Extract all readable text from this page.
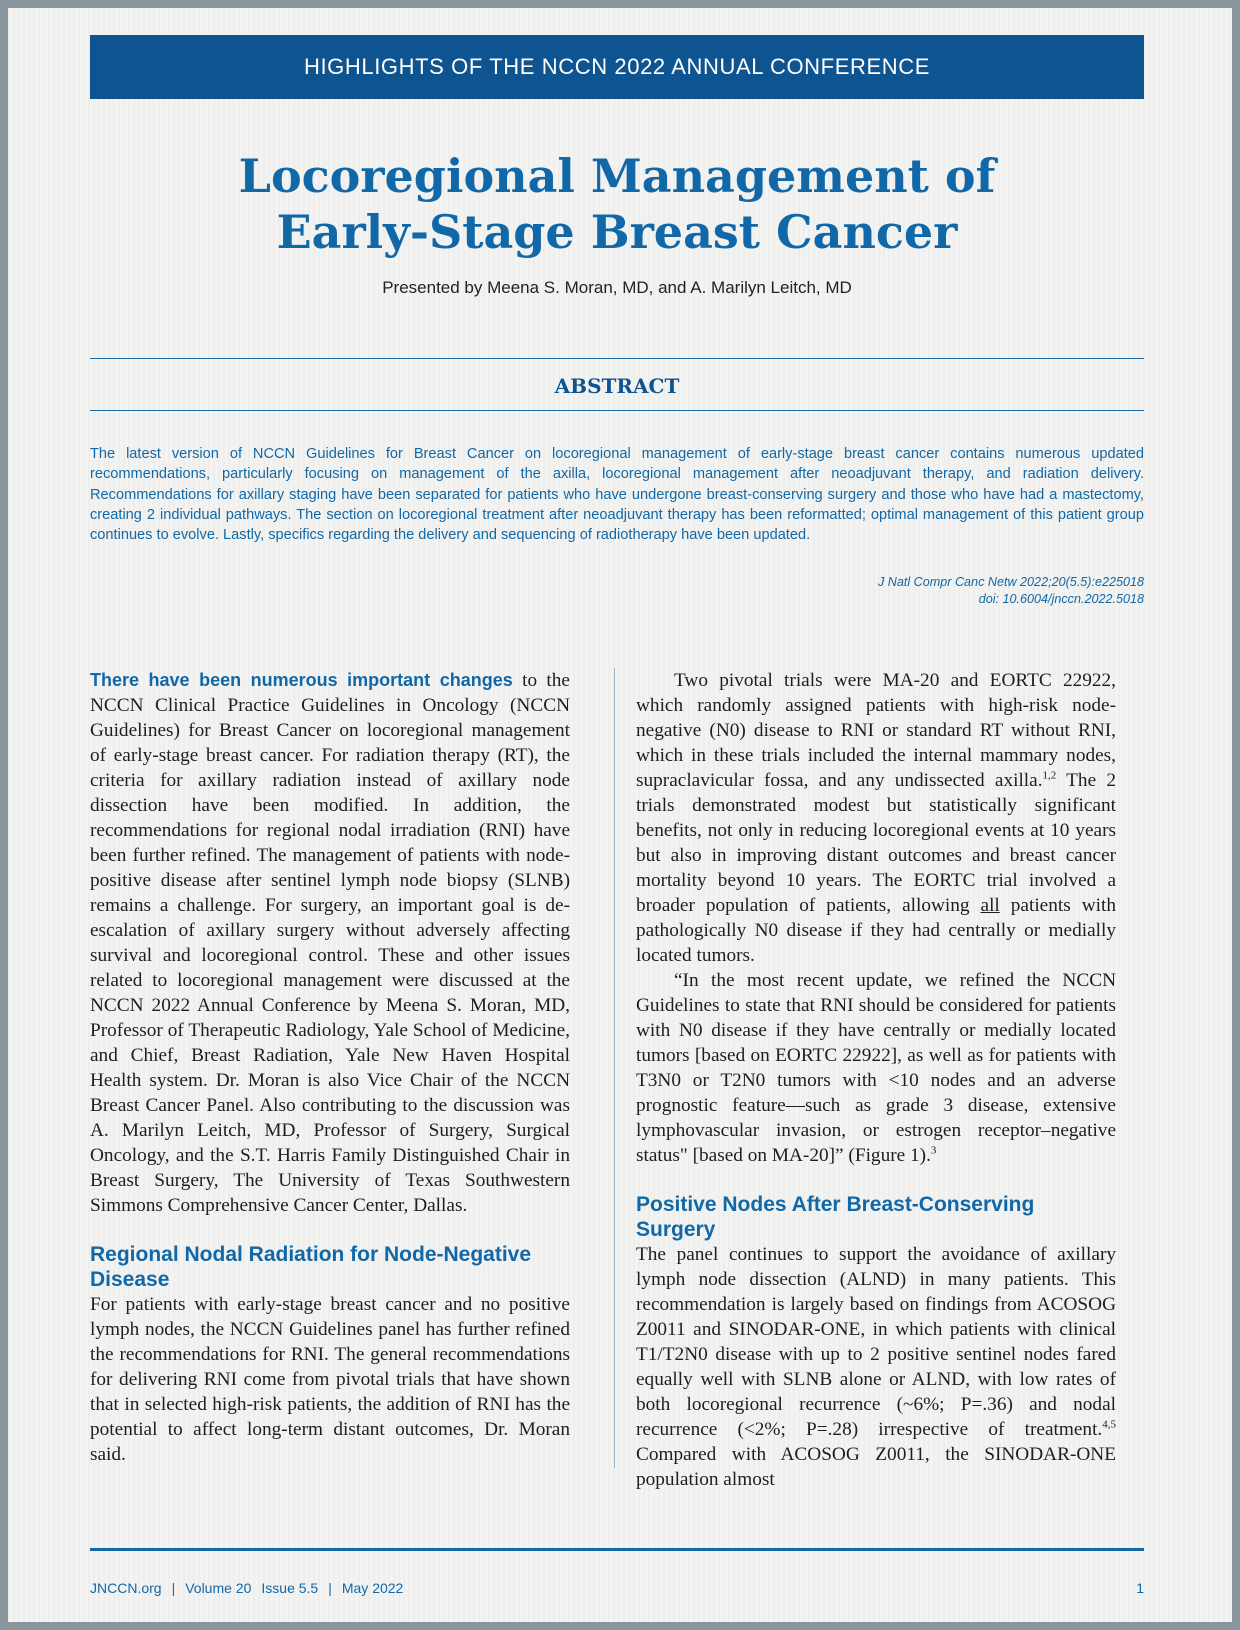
HIGHLIGHTS OF THE NCCN 2022 ANNUAL CONFERENCE
Locoregional Management of
Early-Stage Breast Cancer
Presented by Meena S. Moran, MD, and A. Marilyn Leitch, MD
ABSTRACT

The latest version of NCCN Guidelines for Breast Cancer on locoregional management of early-stage breast cancer contains numerous updated recommendations, particularly focusing on management of the axilla, locoregional management after neoadjuvant therapy, and radiation delivery. Recommendations for axillary staging have been separated for patients who have undergone breast-conserving surgery and those who have had a mastectomy, creating 2 individual pathways. The section on locoregional treatment after neoadjuvant therapy has been reformatted; optimal management of this patient group continues to evolve. Lastly, specifics regarding the delivery and sequencing of radiotherapy have been updated.

J Natl Compr Canc Netw 2022;20(5.5):e225018
doi: 10.6004/jnccn.2022.5018

There have been numerous important changes to the NCCN Clinical Practice Guidelines in Oncology (NCCN Guidelines) for Breast Cancer on locoregional management of early-stage breast cancer. For radiation therapy (RT), the criteria for axillary radiation instead of axillary node dissection have been modified. In addition, the recommendations for regional nodal irradiation (RNI) have been further refined. The management of patients with node-positive disease after sentinel lymph node biopsy (SLNB) remains a challenge. For surgery, an important goal is de-escalation of axillary surgery without adversely affecting survival and locoregional control. These and other issues related to locoregional management were discussed at the NCCN 2022 Annual Conference by Meena S. Moran, MD, Professor of Therapeutic Radiology, Yale School of Medicine, and Chief, Breast Radiation, Yale New Haven Hospital Health system. Dr. Moran is also Vice Chair of the NCCN Breast Cancer Panel. Also contributing to the discussion was A. Marilyn Leitch, MD, Professor of Surgery, Surgical Oncology, and the S.T. Harris Family Distinguished Chair in Breast Surgery, The University of Texas Southwestern Simmons Comprehensive Cancer Center, Dallas.

Regional Nodal Radiation for Node-Negative Disease

For patients with early-stage breast cancer and no positive lymph nodes, the NCCN Guidelines panel has further refined the recommendations for RNI. The general recommendations for delivering RNI come from pivotal trials that have shown that in selected high-risk patients, the addition of RNI has the potential to affect long-term distant outcomes, Dr. Moran said.

Two pivotal trials were MA-20 and EORTC 22922, which randomly assigned patients with high-risk node-negative (N0) disease to RNI or standard RT without RNI, which in these trials included the internal mammary nodes, supraclavicular fossa, and any undissected axilla.$^{1,2}$ The 2 trials demonstrated modest but statistically significant benefits, not only in reducing locoregional events at 10 years but also in improving distant outcomes and breast cancer mortality beyond 10 years. The EORTC trial involved a broader population of patients, allowing all patients with pathologically N0 disease if they had centrally or medially located tumors.

“In the most recent update, we refined the NCCN Guidelines to state that RNI should be considered for patients with N0 disease if they have centrally or medially located tumors [based on EORTC 22922], as well as for patients with T3N0 or T2N0 tumors with <10 nodes and an adverse prognostic feature—such as grade 3 disease, extensive lymphovascular invasion, or estrogen receptor–negative status" [based on MA-20]” (Figure 1).$^3$

Positive Nodes After Breast-Conserving Surgery

The panel continues to support the avoidance of axillary lymph node dissection (ALND) in many patients. This recommendation is largely based on findings from ACOSOG Z0011 and SINODAR-ONE, in which patients with clinical T1/T2N0 disease with up to 2 positive sentinel nodes fared equally well with SLNB alone or ALND, with low rates of both locoregional recurrence (~6%; P=.36) and nodal recurrence (<2%; P=.28) irrespective of treatment.$^{4,5}$ Compared with ACOSOG Z0011, the SINODAR-ONE population almost

JNCCN.org | Volume 20 Issue 5.5 | May 2022	1
